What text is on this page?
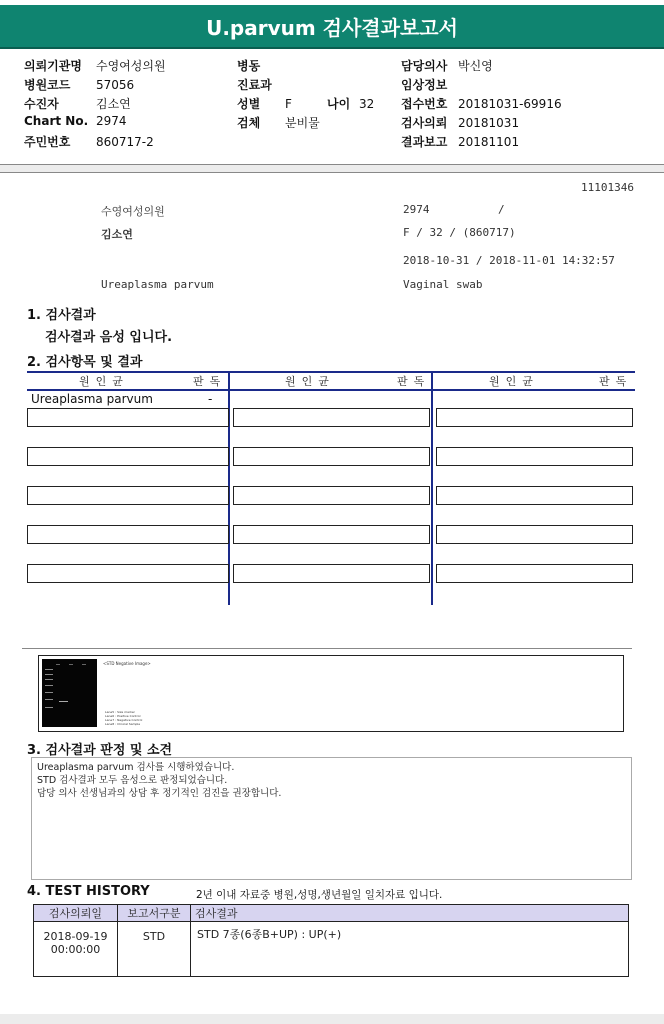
U.parvum 검사결과보고서
의뢰기관명 수영여성의원
병원코드 57056
수진자	김소연
Chart No. 2974
주민번호 860717-2
병동
진료과
성별 F	나이 32
검체 분비물
담당의사 박신영
임상정보
접수번호 20181031-69916
검사의뢰 20181031
결과보고 20181101
11101346
수영여성의원	2974	/
김소연	F / 32 / (860717)
2018-10-31 / 2018-11-01 14:32:57
Ureaplasma parvum	Vaginal swab
1. 검사결과
검사결과 음성 입니다.
2. 검사항목 및 결과
원인균	판독	원인균	판독	원인균	판독
Ureaplasma parvum	-
<STD Negative Image>
Lane5 : Size marker
Lane6 : Positive Control
Lane7 : Negative Control
Lane8 : Clinical Sample
3. 검사결과 판정 및 소견
Ureaplasma parvum 검사를 시행하였습니다.
STD 검사결과 모두 음성으로 판정되었습니다.
담당 의사 선생님과의 상담 후 정기적인 검진을 권장합니다.
4. TEST HISTORY	2년 이내 자료중 병원,성명,생년월일 일치자료 입니다.
검사의뢰일	보고서구분	검사결과

2018-09-19
00:00:00	STD	STD 7종(6종B+UP) : UP(+)
